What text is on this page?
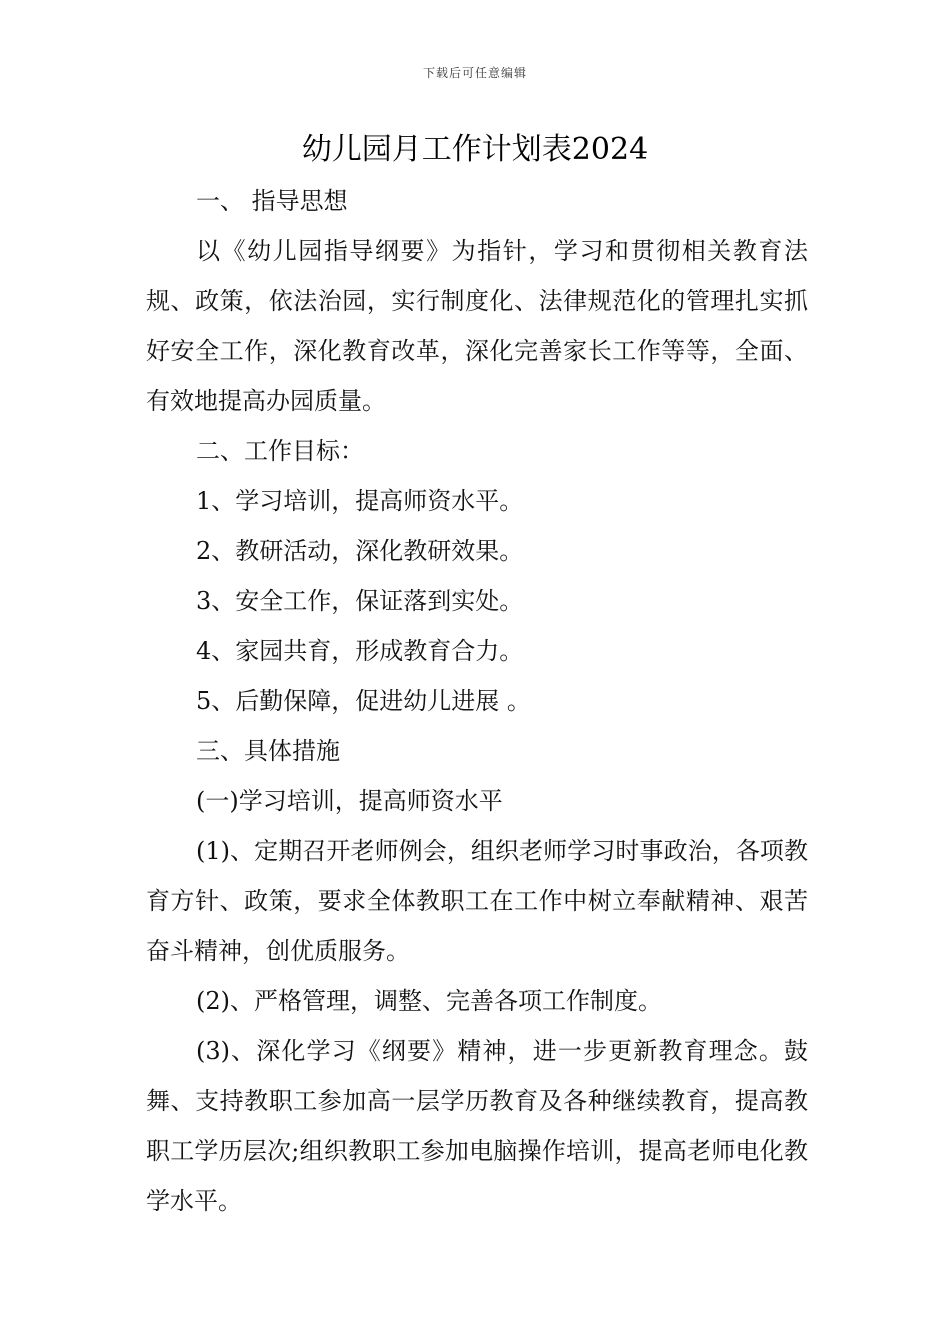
下载后可任意编辑
幼儿园月工作计划表2024

一、 指导思想

以《幼儿园指导纲要》为指针，学习和贯彻相关教育法规、政策，依法治园，实行制度化、法律规范化的管理扎实抓好安全工作，深化教育改革，深化完善家长工作等等，全面、有效地提高办园质量。

二、工作目标：

1、学习培训，提高师资水平。

2、教研活动，深化教研效果。

3、安全工作，保证落到实处。

4、家园共育，形成教育合力。

5、后勤保障，促进幼儿进展 。

三、具体措施

(一)学习培训，提高师资水平

(1)、定期召开老师例会，组织老师学习时事政治，各项教育方针、政策，要求全体教职工在工作中树立奉献精神、艰苦奋斗精神，创优质服务。

(2)、严格管理，调整、完善各项工作制度。

(3)、深化学习《纲要》精神，进一步更新教育理念。鼓舞、支持教职工参加高一层学历教育及各种继续教育，提高教职工学历层次;组织教职工参加电脑操作培训，提高老师电化教学水平。
